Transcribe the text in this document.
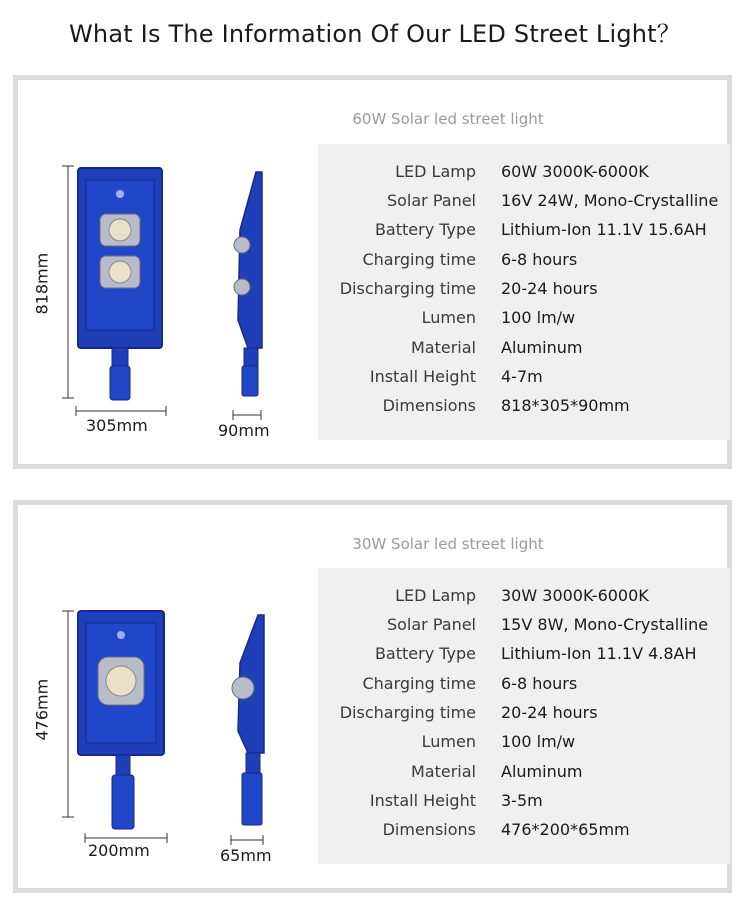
What Is The Information Of Our LED Street Light？
60W Solar led street light
818mm
305mm	90mm
LED Lamp 60W 3000K-6000K
Solar Panel 16V 24W, Mono-Crystalline
Battery Type Lithium-Ion 11.1V 15.6AH
Charging time 6-8 hours
Discharging time 20-24 hours
Lumen 100 lm/w
Material Aluminum
Install Height 4-7m
Dimensions 818*305*90mm
30W Solar led street light
476mm
200mm	65mm
LED Lamp 30W 3000K-6000K
Solar Panel 15V 8W, Mono-Crystalline
Battery Type Lithium-Ion 11.1V 4.8AH
Charging time 6-8 hours
Discharging time 20-24 hours
Lumen 100 lm/w
Material Aluminum
Install Height 3-5m
Dimensions 476*200*65mm
